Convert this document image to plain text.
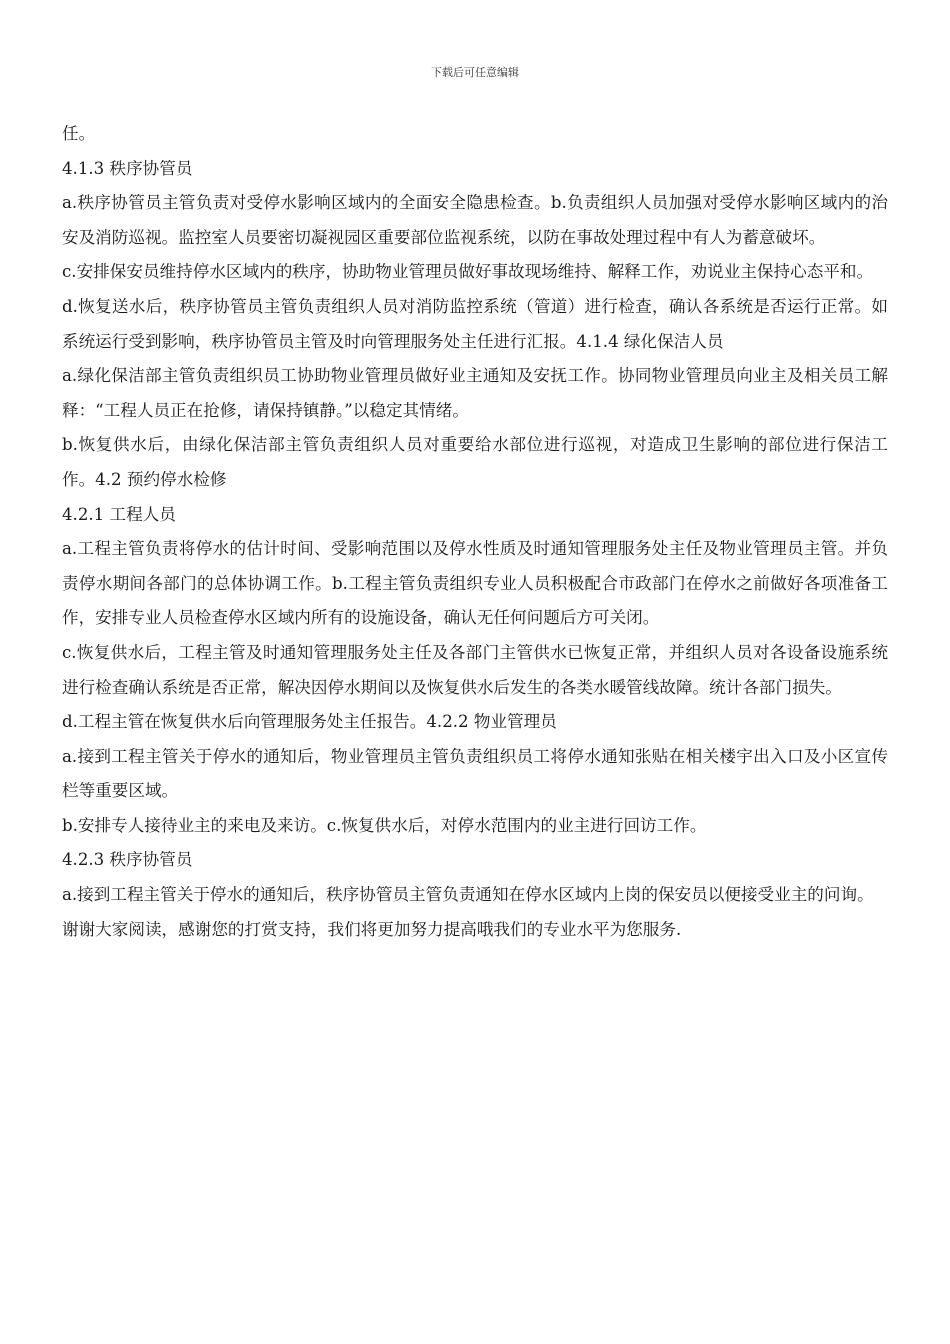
下载后可任意编辑

任。

4.1.3 秩序协管员

a.秩序协管员主管负责对受停水影响区域内的全面安全隐患检查。b.负责组织人员加强对受停水影响区域内的治安及消防巡视。监控室人员要密切凝视园区重要部位监视系统，以防在事故处理过程中有人为蓄意破坏。

c.安排保安员维持停水区域内的秩序，协助物业管理员做好事故现场维持、解释工作，劝说业主保持心态平和。

d.恢复送水后，秩序协管员主管负责组织人员对消防监控系统（管道）进行检查，确认各系统是否运行正常。如系统运行受到影响，秩序协管员主管及时向管理服务处主任进行汇报。4.1.4 绿化保洁人员

a.绿化保洁部主管负责组织员工协助物业管理员做好业主通知及安抚工作。协同物业管理员向业主及相关员工解释：“工程人员正在抢修，请保持镇静。”以稳定其情绪。

b.恢复供水后，由绿化保洁部主管负责组织人员对重要给水部位进行巡视，对造成卫生影响的部位进行保洁工作。4.2 预约停水检修

4.2.1 工程人员

a.工程主管负责将停水的估计时间、受影响范围以及停水性质及时通知管理服务处主任及物业管理员主管。并负责停水期间各部门的总体协调工作。b.工程主管负责组织专业人员积极配合市政部门在停水之前做好各项准备工作，安排专业人员检查停水区域内所有的设施设备，确认无任何问题后方可关闭。

c.恢复供水后，工程主管及时通知管理服务处主任及各部门主管供水已恢复正常，并组织人员对各设备设施系统进行检查确认系统是否正常，解决因停水期间以及恢复供水后发生的各类水暖管线故障。统计各部门损失。

d.工程主管在恢复供水后向管理服务处主任报告。4.2.2 物业管理员

a.接到工程主管关于停水的通知后，物业管理员主管负责组织员工将停水通知张贴在相关楼宇出入口及小区宣传栏等重要区域。

b.安排专人接待业主的来电及来访。c.恢复供水后，对停水范围内的业主进行回访工作。

4.2.3 秩序协管员

a.接到工程主管关于停水的通知后，秩序协管员主管负责通知在停水区域内上岗的保安员以便接受业主的问询。

谢谢大家阅读，感谢您的打赏支持，我们将更加努力提高哦我们的专业水平为您服务.
